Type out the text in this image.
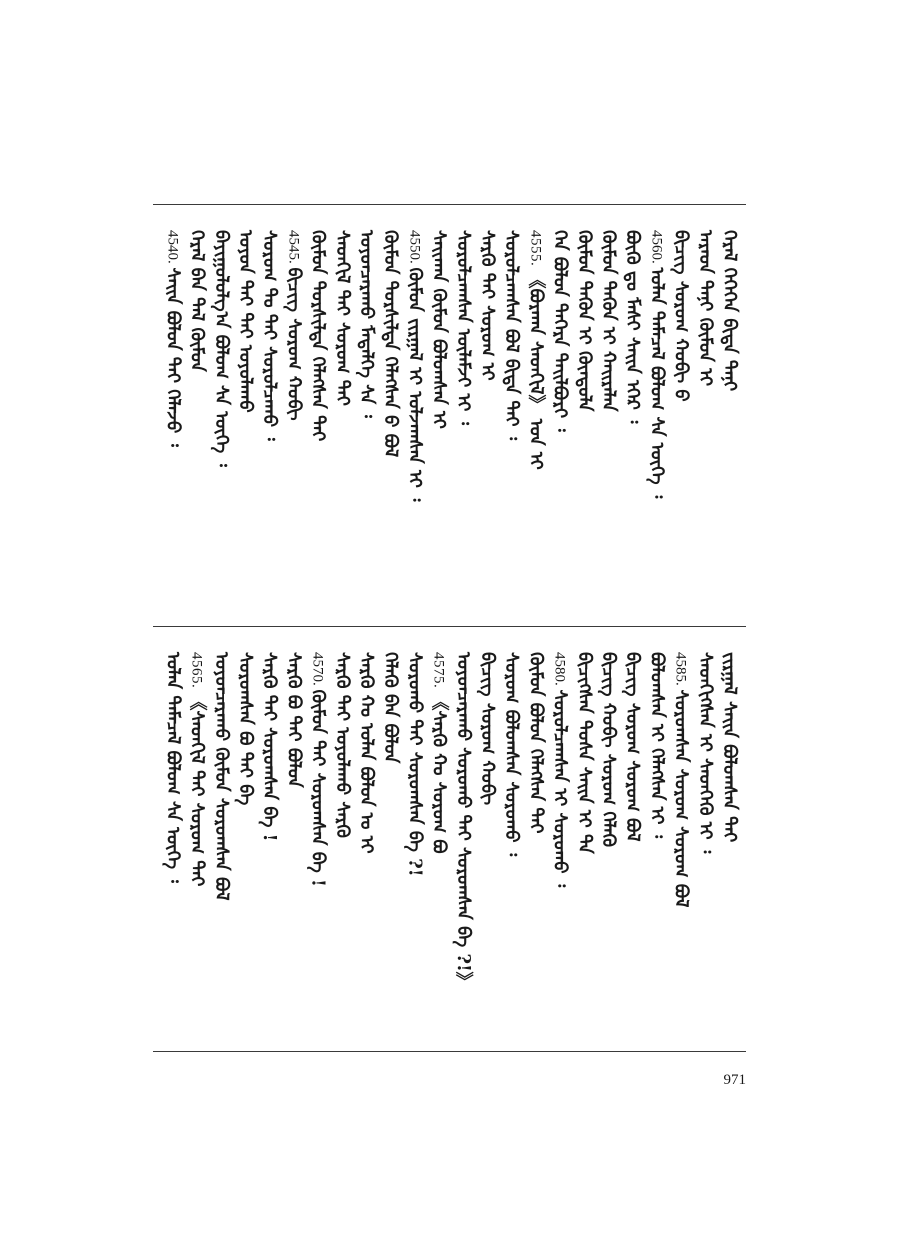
ᠭᠡᠷᠡᠯ ᠭᠡᠭᠡᠭᠡᠨ ᠪᠢᠳᠡ ᠲᠠᠨᠢ
ᠠᠷᠠᠳ ᠲᠠᠨᠢ ᠬᠦᠮᠦᠨ ᠢ
ᠪᠢᠴᠢᠭ ᠰᠤᠷᠤᠭ ᠬᠤᠪᠢ ᠪ
4560. ᠣᠯᠠᠨ ᠲᠡᠮᠡᠴᠡᠯ ᠪᠣᠯᠣᠭ ᠰᠠ ᠦᠭᠡ ᠄
ᠪᠦᠬᠦ ᠳᠤ ᠮᠠᠰᠢ ᠰᠠᠢᠨ ᠡᠭᠡᠷ ᠄
ᠬᠦᠮᠦᠨ ᠲᠡᠭᠦᠨ ᠢ ᠬᠠᠢᠷᠠᠯᠠᠨ
ᠬᠦᠮᠦᠨ ᠲᠡᠭᠦᠨ ᠢ ᠬᠦᠨᠳᠦᠯᠡ
ᠬᠡᠨ ᠪᠣᠯᠣᠨ ᠳᠡᠭᠡᠷᠡ ᠲᠠᠢᠯᠪᠤᠷᠢ ᠄
4555. 《ᠪᠤᠷᠬᠠᠨ ᠰᠡᠳᠬᠢᠯ》 ᠤᠨ ᠢ
ᠰᠤᠷᠤᠯᠴᠠᠭᠰᠠᠨ ᠪᠣᠯ ᠪᠢᠳᠡ ᠲᠠᠢ ᠄
ᠰᠡᠷᠭᠦ ᠲᠡᠢ ᠰᠤᠷᠤᠭ ᠢ
ᠰᠤᠷᠤᠯᠴᠠᠭᠰᠠᠨ ᠦᠯᠡᠮᠵᠢ ᠢ ᠄
ᠰᠠᠢᠬᠠᠨ ᠬᠦᠮᠦᠨ ᠪᠣᠯᠤᠭᠰᠠᠨ ᠢ
4550. ᠬᠦᠮᠦᠨ ᠵᠢᠷᠭᠠᠯ ᠢ ᠣᠯᠵᠠᠭᠰᠠᠨ ᠢ ᠄
ᠬᠦᠮᠦᠨ ᠲᠤᠷᠰᠢᠯᠲᠠ ᠬᠡᠯᠡᠭᠰᠡᠨ ᠪ ᠪᠣᠯ
ᠣᠶᠤᠨᠴᠠᠷᠠᠬᠤ ᠮᠡᠳᠡᠯᠭᠡ ᠰᠠ ᠄
ᠰᠡᠳᠬᠢᠯ ᠲᠡᠢ ᠰᠤᠷᠤᠭ ᠲᠠᠢ
ᠬᠦᠮᠦᠨ ᠲᠤᠷᠰᠢᠯᠲᠠ ᠬᠡᠯᠡᠭᠰᠡᠨ ᠲᠠᠢ
4545. ᠪᠢᠴᠢᠭ ᠰᠤᠷᠤᠭ ᠬᠤᠪᠢ
ᠰᠤᠷᠤᠭ ᠲᠤ ᠲᠡᠢ ᠰᠤᠷᠤᠯᠴᠠᠬᠤ ᠄
ᠣᠶᠤᠨ ᠲᠡᠢ ᠲᠡᠢ ᠣᠶᠤᠯᠠᠬᠤ
ᠪᠠᠶᠢᠭᠤᠯᠤᠯᠭ᠎ᠠ ᠪᠣᠯᠣᠭ ᠰᠠ ᠦᠭᠡ ᠄
ᠭᠡᠷᠡᠯ ᠪᠠᠨ ᠲᠠᠯ ᠬᠦᠮᠦᠨ
4540. ᠰᠠᠢᠨ ᠪᠣᠯᠣᠨ ᠲᠡᠢ ᠬᠡᠯᠡᠵᠦ ᠄
ᠵᠢᠷᠭᠠᠯ ᠰᠠᠢᠨ ᠪᠣᠯᠣᠭᠰᠠᠨ ᠲᠠᠢ
ᠰᠡᠳᠬᠢᠭᠰᠡᠨ ᠢ ᠰᠡᠳᠬᠡᠬᠦ ᠢ ᠄
4585. ᠰᠤᠷᠤᠭᠰᠠᠨ ᠰᠤᠷᠤᠭ ᠰᠤᠷᠤᠭ ᠪᠣᠯ
ᠪᠣᠯᠤᠭᠰᠠᠨ ᠢ ᠬᠡᠯᠡᠭᠰᠡᠨ ᠢ ᠄
ᠪᠢᠴᠢᠭ ᠰᠤᠷᠤᠭ ᠰᠤᠷᠤᠭ ᠪᠣᠯ
ᠪᠢᠴᠢᠭ ᠬᠤᠪᠢ ᠰᠤᠷᠤᠭ ᠬᠡᠯᠡᠬᠦ
ᠪᠢᠴᠢᠭᠰᠡᠨ ᠲᠤᠰᠠ ᠰᠠᠢᠨ ᠢ ᠲᠠ
4580. ᠰᠤᠷᠤᠯᠴᠠᠭᠰᠠᠨ ᠢ ᠰᠤᠷᠤᠬᠤ ᠄
ᠬᠦᠮᠦᠨ ᠪᠣᠯᠣᠨ ᠬᠡᠯᠡᠭᠰᠡᠨ ᠲᠠᠢ
ᠰᠤᠷᠤᠭ ᠪᠣᠯᠣᠭᠰᠠᠨ ᠰᠤᠷᠤᠬᠤ ᠄
ᠪᠢᠴᠢᠭ ᠰᠤᠷᠤᠭ ᠬᠤᠪᠢ
ᠣᠶᠤᠨᠴᠠᠷᠠᠬᠤ ᠰᠤᠷᠤᠬᠤ ᠲᠠᠢ ᠰᠤᠷᠤᠭᠰᠠᠨ ᠪᠠ ?!》
4575. 《ᠰᠡᠷᠭᠦ ᠬᠤ ᠰᠤᠷᠤᠭ ᠪᠤ
ᠰᠤᠷᠤᠬᠤ ᠲᠠᠢ ᠰᠤᠷᠤᠭᠰᠠᠨ ᠪᠠ ?!
ᠬᠡᠯᠡᠬᠦ ᠪᠠᠨ ᠪᠣᠯᠣᠨ
ᠰᠡᠷᠭᠦ ᠬᠤ ᠣᠯᠠᠨ ᠪᠣᠯᠣᠨ ᠤ ᠢ
ᠰᠡᠷᠭᠦ ᠲᠡᠢ ᠣᠶᠤᠯᠠᠬᠤ ᠰᠡᠷᠭᠦ
4570. ᠬᠦᠮᠦᠨ ᠲᠠᠢ ᠰᠤᠷᠤᠭᠰᠠᠨ ᠪᠠ !
ᠰᠡᠷᠭᠦ ᠪᠤ ᠲᠠᠢ ᠪᠣᠯᠣᠨ
ᠰᠡᠷᠭᠦ ᠲᠠᠢ ᠰᠤᠷᠤᠭᠰᠠᠨ ᠪᠠ !
ᠰᠤᠷᠤᠭᠰᠠᠨ ᠪᠤ ᠲᠠᠢ ᠪᠠ
ᠣᠶᠤᠨᠴᠠᠷᠠᠬᠤ ᠬᠦᠮᠦᠨ ᠰᠤᠷᠤᠭᠰᠠᠨ ᠪᠣᠯ
4565. 《ᠰᠡᠳᠬᠢᠯ ᠲᠡᠢ ᠰᠤᠷᠤᠭ ᠲᠠᠢ
ᠣᠯᠠᠨ ᠲᠡᠮᠡᠴᠡᠯ ᠪᠣᠯᠣᠭ ᠰᠠ ᠦᠭᠡ ᠄
971
